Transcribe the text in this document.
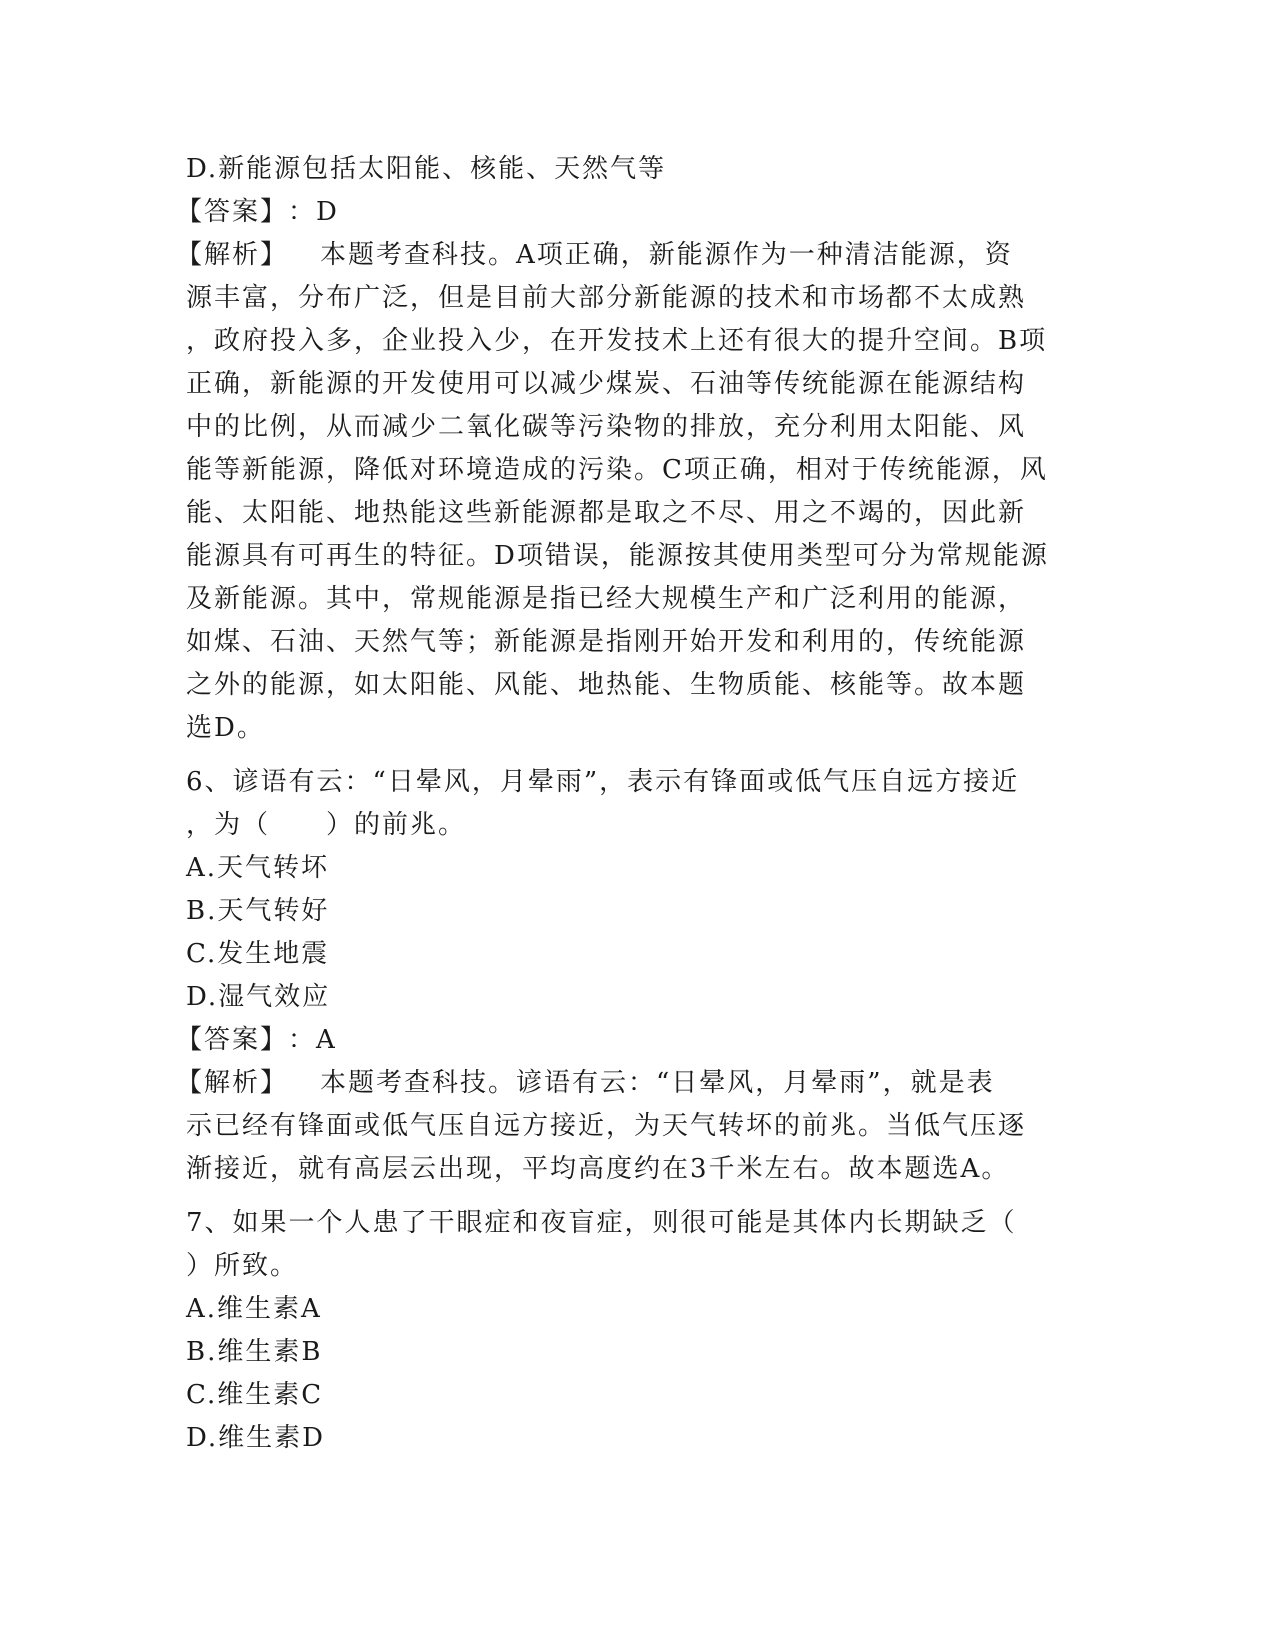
D.新能源包括太阳能、核能、天然气等
【答案】：D
【解析】 本题考查科技。A项正确，新能源作为一种清洁能源，资
源丰富，分布广泛，但是目前大部分新能源的技术和市场都不太成熟
，政府投入多，企业投入少，在开发技术上还有很大的提升空间。B项
正确，新能源的开发使用可以减少煤炭、石油等传统能源在能源结构
中的比例，从而减少二氧化碳等污染物的排放，充分利用太阳能、风
能等新能源，降低对环境造成的污染。C项正确，相对于传统能源，风
能、太阳能、地热能这些新能源都是取之不尽、用之不竭的，因此新
能源具有可再生的特征。D项错误，能源按其使用类型可分为常规能源
及新能源。其中，常规能源是指已经大规模生产和广泛利用的能源，
如煤、石油、天然气等；新能源是指刚开始开发和利用的，传统能源
之外的能源，如太阳能、风能、地热能、生物质能、核能等。故本题
选D。
6、谚语有云：“日晕风，月晕雨”，表示有锋面或低气压自远方接近
，为（　　）的前兆。
A.天气转坏
B.天气转好
C.发生地震
D.湿气效应
【答案】：A
【解析】 本题考查科技。谚语有云：“日晕风，月晕雨”，就是表
示已经有锋面或低气压自远方接近，为天气转坏的前兆。当低气压逐
渐接近，就有高层云出现，平均高度约在3千米左右。故本题选A。
7、如果一个人患了干眼症和夜盲症，则很可能是其体内长期缺乏（
）所致。
A.维生素A
B.维生素B
C.维生素C
D.维生素D
